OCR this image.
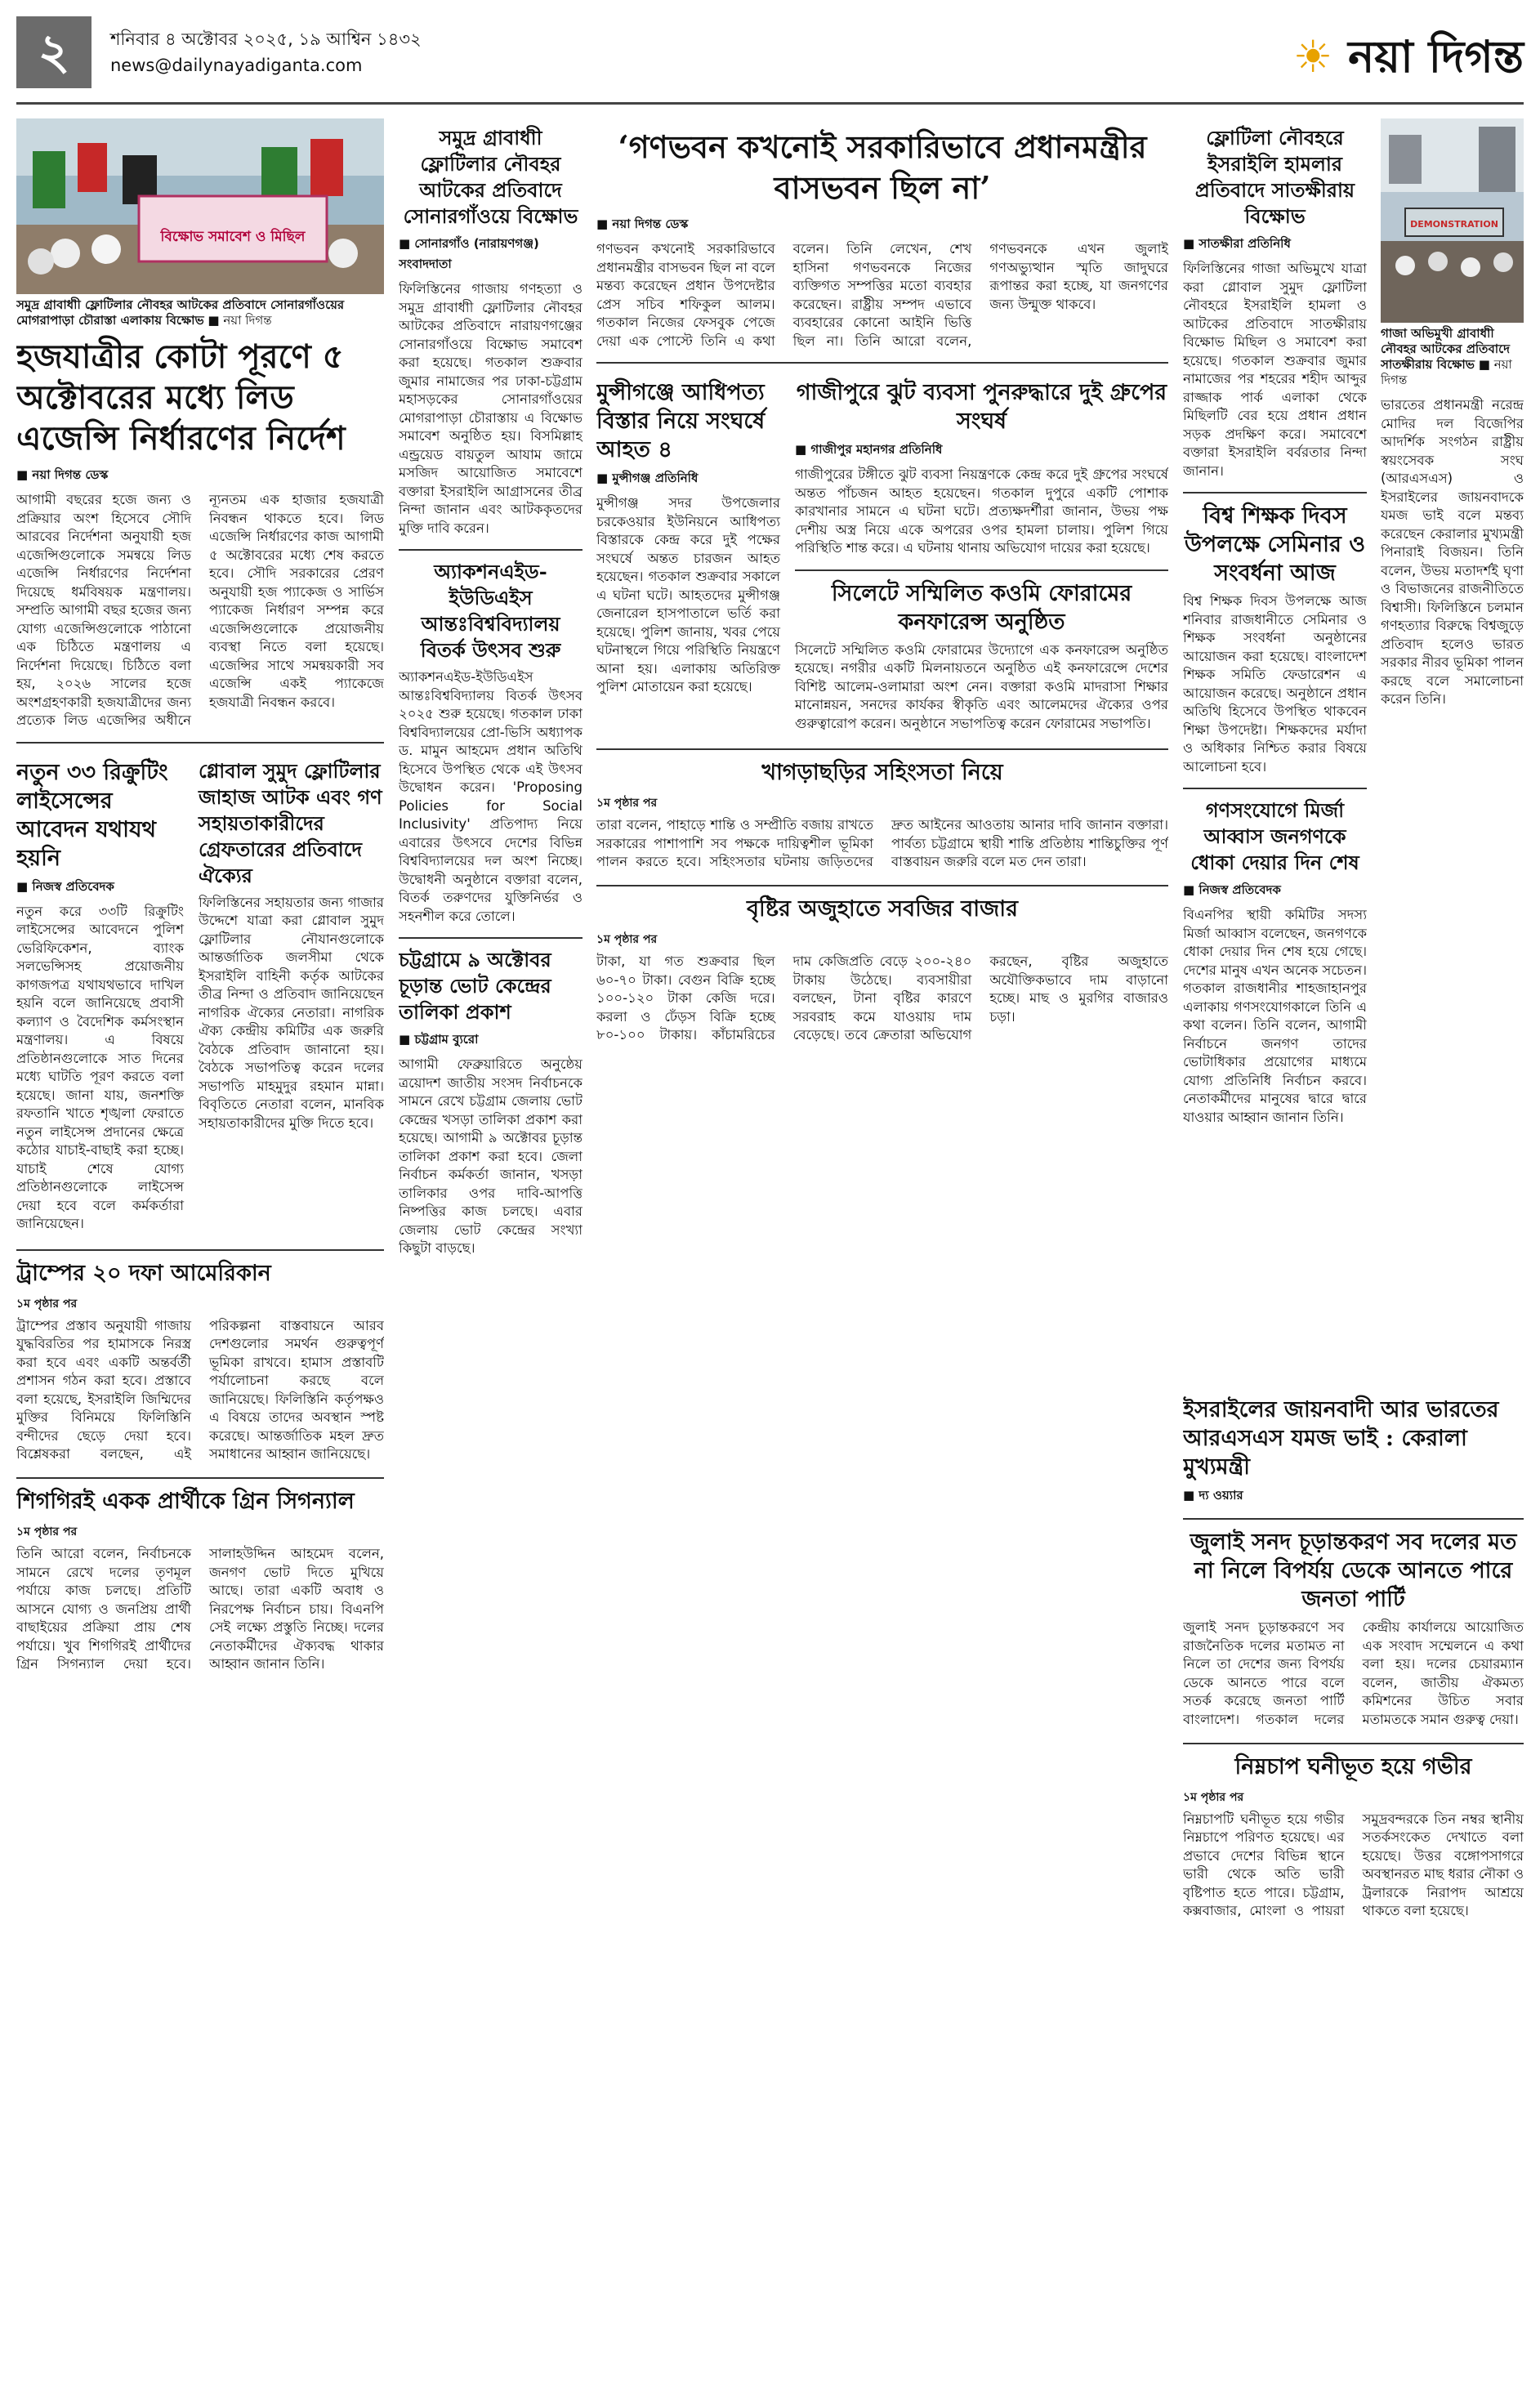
২	শনিবার ৪ অক্টোবর ২০২৫, ১৯ আশ্বিন ১৪৩২
news@dailynayadiganta.com	☀ নয়া দিগন্ত
বিক্ষোভ সমাবেশ ও মিছিল
সমুদ্র গ্রাবাধাী ফ্লোটিলার নৌবহর আটকের প্রতিবাদে সোনারগাঁওয়ের মোগরাপাড়া চৌরাস্তা এলাকায় বিক্ষোভ ■ নয়া দিগন্ত
হজযাত্রীর কোটা পূরণে ৫ অক্টোবরের মধ্যে লিড এজেন্সি নির্ধারণের নির্দেশ
■ নয়া দিগন্ত ডেস্ক

আগামী বছরের হজে জন্য ও প্রক্রিয়ার অংশ হিসেবে সৌদি আরবের নির্দেশনা অনুযায়ী হজ এজেন্সিগুলোকে সমন্বয়ে লিড এজেন্সি নির্ধারণের নির্দেশনা দিয়েছে ধর্মবিষয়ক মন্ত্রণালয়। সম্প্রতি আগামী বছর হজের জন্য যোগ্য এজেন্সিগুলোকে পাঠানো এক চিঠিতে মন্ত্রণালয় এ নির্দেশনা দিয়েছে। চিঠিতে বলা হয়, ২০২৬ সালের হজে অংশগ্রহণকারী হজযাত্রীদের জন্য প্রত্যেক লিড এজেন্সির অধীনে ন্যূনতম এক হাজার হজযাত্রী নিবন্ধন থাকতে হবে। লিড এজেন্সি নির্ধারণের কাজ আগামী ৫ অক্টোবরের মধ্যে শেষ করতে হবে। সৌদি সরকারের প্রেরণ অনুযায়ী হজ প্যাকেজ ও সার্ভিস প্যাকেজ নির্ধারণ সম্পন্ন করে এজেন্সিগুলোকে প্রয়োজনীয় ব্যবস্থা নিতে বলা হয়েছে। এজেন্সির সাথে সমন্বয়কারী সব এজেন্সি একই প্যাকেজে হজযাত্রী নিবন্ধন করবে।

নতুন ৩৩ রিক্রুটিং লাইসেন্সের আবেদন যথাযথ হয়নি
■ নিজস্ব প্রতিবেদক

নতুন করে ৩৩টি রিক্রুটিং লাইসেন্সের আবেদনে পুলিশ ভেরিফিকেশন, ব্যাংক সলভেন্সিসহ প্রয়োজনীয় কাগজপত্র যথাযথভাবে দাখিল হয়নি বলে জানিয়েছে প্রবাসী কল্যাণ ও বৈদেশিক কর্মসংস্থান মন্ত্রণালয়। এ বিষয়ে প্রতিষ্ঠানগুলোকে সাত দিনের মধ্যে ঘাটতি পূরণ করতে বলা হয়েছে। জানা যায়, জনশক্তি রফতানি খাতে শৃঙ্খলা ফেরাতে নতুন লাইসেন্স প্রদানের ক্ষেত্রে কঠোর যাচাই-বাছাই করা হচ্ছে। যাচাই শেষে যোগ্য প্রতিষ্ঠানগুলোকে লাইসেন্স দেয়া হবে বলে কর্মকর্তারা জানিয়েছেন।

গ্লোবাল সুমুদ ফ্লোটিলার জাহাজ আটক এবং গণ সহায়তাকারীদের গ্রেফতারের প্রতিবাদে ঐক্যের

ফিলিস্তিনের সহায়তার জন্য গাজার উদ্দেশে যাত্রা করা গ্লোবাল সুমুদ ফ্লোটিলার নৌযানগুলোকে আন্তর্জাতিক জলসীমা থেকে ইসরাইলি বাহিনী কর্তৃক আটকের তীব্র নিন্দা ও প্রতিবাদ জানিয়েছেন নাগরিক ঐক্যের নেতারা। নাগরিক ঐক্য কেন্দ্রীয় কমিটির এক জরুরি বৈঠকে প্রতিবাদ জানানো হয়। বৈঠকে সভাপতিত্ব করেন দলের সভাপতি মাহমুদুর রহমান মান্না। বিবৃতিতে নেতারা বলেন, মানবিক সহায়তাকারীদের মুক্তি দিতে হবে।

ট্রাম্পের ২০ দফা আমেরিকান
১ম পৃষ্ঠার পর

ট্রাম্পের প্রস্তাব অনুযায়ী গাজায় যুদ্ধবিরতির পর হামাসকে নিরস্ত্র করা হবে এবং একটি অন্তর্বর্তী প্রশাসন গঠন করা হবে। প্রস্তাবে বলা হয়েছে, ইসরাইলি জিম্মিদের মুক্তির বিনিময়ে ফিলিস্তিনি বন্দীদের ছেড়ে দেয়া হবে। বিশ্লেষকরা বলছেন, এই পরিকল্পনা বাস্তবায়নে আরব দেশগুলোর সমর্থন গুরুত্বপূর্ণ ভূমিকা রাখবে। হামাস প্রস্তাবটি পর্যালোচনা করছে বলে জানিয়েছে। ফিলিস্তিনি কর্তৃপক্ষও এ বিষয়ে তাদের অবস্থান স্পষ্ট করেছে। আন্তর্জাতিক মহল দ্রুত সমাধানের আহ্বান জানিয়েছে।

শিগগিরই একক প্রার্থীকে গ্রিন সিগন্যাল
১ম পৃষ্ঠার পর

তিনি আরো বলেন, নির্বাচনকে সামনে রেখে দলের তৃণমূল পর্যায়ে কাজ চলছে। প্রতিটি আসনে যোগ্য ও জনপ্রিয় প্রার্থী বাছাইয়ের প্রক্রিয়া প্রায় শেষ পর্যায়ে। খুব শিগগিরই প্রার্থীদের গ্রিন সিগন্যাল দেয়া হবে। সালাহউদ্দিন আহমেদ বলেন, জনগণ ভোট দিতে মুখিয়ে আছে। তারা একটি অবাধ ও নিরপেক্ষ নির্বাচন চায়। বিএনপি সেই লক্ষ্যে প্রস্তুতি নিচ্ছে। দলের নেতাকর্মীদের ঐক্যবদ্ধ থাকার আহ্বান জানান তিনি।

সমুদ্র গ্রাবাধাী ফ্লোটিলার নৌবহর আটকের প্রতিবাদে সোনারগাঁওয়ে বিক্ষোভ
■ সোনারগাঁও (নারায়ণগঞ্জ) সংবাদদাতা

ফিলিস্তিনের গাজায় গণহত্যা ও সমুদ্র গ্রাবাধাী ফ্লোটিলার নৌবহর আটকের প্রতিবাদে নারায়ণগঞ্জের সোনারগাঁওয়ে বিক্ষোভ সমাবেশ করা হয়েছে। গতকাল শুক্রবার জুমার নামাজের পর ঢাকা-চট্টগ্রাম মহাসড়কের সোনারগাঁওয়ের মোগরাপাড়া চৌরাস্তায় এ বিক্ষোভ সমাবেশ অনুষ্ঠিত হয়। বিসমিল্লাহ এন্ড্রয়েড বায়তুল আযাম জামে মসজিদ আয়োজিত সমাবেশে বক্তারা ইসরাইলি আগ্রাসনের তীব্র নিন্দা জানান এবং আটককৃতদের মুক্তি দাবি করেন।

অ্যাকশনএইড-ইউডিএইস আন্তঃবিশ্ববিদ্যালয় বিতর্ক উৎসব শুরু

অ্যাকশনএইড-ইউডিএইস আন্তঃবিশ্ববিদ্যালয় বিতর্ক উৎসব ২০২৫ শুরু হয়েছে। গতকাল ঢাকা বিশ্ববিদ্যালয়ের প্রো-ভিসি অধ্যাপক ড. মামুন আহমেদ প্রধান অতিথি হিসেবে উপস্থিত থেকে এই উৎসব উদ্বোধন করেন। 'Proposing Policies for Social Inclusivity' প্রতিপাদ্য নিয়ে এবারের উৎসবে দেশের বিভিন্ন বিশ্ববিদ্যালয়ের দল অংশ নিচ্ছে। উদ্বোধনী অনুষ্ঠানে বক্তারা বলেন, বিতর্ক তরুণদের যুক্তিনির্ভর ও সহনশীল করে তোলে।

চট্টগ্রামে ৯ অক্টোবর চূড়ান্ত ভোট কেন্দ্রের তালিকা প্রকাশ
■ চট্টগ্রাম ব্যুরো

আগামী ফেব্রুয়ারিতে অনুষ্ঠেয় ত্রয়োদশ জাতীয় সংসদ নির্বাচনকে সামনে রেখে চট্টগ্রাম জেলায় ভোট কেন্দ্রের খসড়া তালিকা প্রকাশ করা হয়েছে। আগামী ৯ অক্টোবর চূড়ান্ত তালিকা প্রকাশ করা হবে। জেলা নির্বাচন কর্মকর্তা জানান, খসড়া তালিকার ওপর দাবি-আপত্তি নিষ্পত্তির কাজ চলছে। এবার জেলায় ভোট কেন্দ্রের সংখ্যা কিছুটা বাড়ছে।

‘গণভবন কখনোই সরকারিভাবে প্রধানমন্ত্রীর বাসভবন ছিল না’
■ নয়া দিগন্ত ডেস্ক

গণভবন কখনোই সরকারিভাবে প্রধানমন্ত্রীর বাসভবন ছিল না বলে মন্তব্য করেছেন প্রধান উপদেষ্টার প্রেস সচিব শফিকুল আলম। গতকাল নিজের ফেসবুক পেজে দেয়া এক পোস্টে তিনি এ কথা বলেন। তিনি লেখেন, শেখ হাসিনা গণভবনকে নিজের ব্যক্তিগত সম্পত্তির মতো ব্যবহার করেছেন। রাষ্ট্রীয় সম্পদ এভাবে ব্যবহারের কোনো আইনি ভিত্তি ছিল না। তিনি আরো বলেন, গণভবনকে এখন জুলাই গণঅভ্যুত্থান স্মৃতি জাদুঘরে রূপান্তর করা হচ্ছে, যা জনগণের জন্য উন্মুক্ত থাকবে।

মুন্সীগঞ্জে আধিপত্য বিস্তার নিয়ে সংঘর্ষে আহত ৪
■ মুন্সীগঞ্জ প্রতিনিধি

মুন্সীগঞ্জ সদর উপজেলার চরকেওয়ার ইউনিয়নে আধিপত্য বিস্তারকে কেন্দ্র করে দুই পক্ষের সংঘর্ষে অন্তত চারজন আহত হয়েছেন। গতকাল শুক্রবার সকালে এ ঘটনা ঘটে। আহতদের মুন্সীগঞ্জ জেনারেল হাসপাতালে ভর্তি করা হয়েছে। পুলিশ জানায়, খবর পেয়ে ঘটনাস্থলে গিয়ে পরিস্থিতি নিয়ন্ত্রণে আনা হয়। এলাকায় অতিরিক্ত পুলিশ মোতায়েন করা হয়েছে।

গাজীপুরে ঝুট ব্যবসা পুনরুদ্ধারে দুই গ্রুপের সংঘর্ষ
■ গাজীপুর মহানগর প্রতিনিধি

গাজীপুরের টঙ্গীতে ঝুট ব্যবসা নিয়ন্ত্রণকে কেন্দ্র করে দুই গ্রুপের সংঘর্ষে অন্তত পাঁচজন আহত হয়েছেন। গতকাল দুপুরে একটি পোশাক কারখানার সামনে এ ঘটনা ঘটে। প্রত্যক্ষদর্শীরা জানান, উভয় পক্ষ দেশীয় অস্ত্র নিয়ে একে অপরের ওপর হামলা চালায়। পুলিশ গিয়ে পরিস্থিতি শান্ত করে। এ ঘটনায় থানায় অভিযোগ দায়ের করা হয়েছে।

সিলেটে সম্মিলিত কওমি ফোরামের কনফারেন্স অনুষ্ঠিত

সিলেটে সম্মিলিত কওমি ফোরামের উদ্যোগে এক কনফারেন্স অনুষ্ঠিত হয়েছে। নগরীর একটি মিলনায়তনে অনুষ্ঠিত এই কনফারেন্সে দেশের বিশিষ্ট আলেম-ওলামারা অংশ নেন। বক্তারা কওমি মাদরাসা শিক্ষার মানোন্নয়ন, সনদের কার্যকর স্বীকৃতি এবং আলেমদের ঐক্যের ওপর গুরুত্বারোপ করেন। অনুষ্ঠানে সভাপতিত্ব করেন ফোরামের সভাপতি।

খাগড়াছড়ির সহিংসতা নিয়ে
১ম পৃষ্ঠার পর

তারা বলেন, পাহাড়ে শান্তি ও সম্প্রীতি বজায় রাখতে সরকারের পাশাপাশি সব পক্ষকে দায়িত্বশীল ভূমিকা পালন করতে হবে। সহিংসতার ঘটনায় জড়িতদের দ্রুত আইনের আওতায় আনার দাবি জানান বক্তারা। পার্বত্য চট্টগ্রামে স্থায়ী শান্তি প্রতিষ্ঠায় শান্তিচুক্তির পূর্ণ বাস্তবায়ন জরুরি বলে মত দেন তারা।

বৃষ্টির অজুহাতে সবজির বাজার
১ম পৃষ্ঠার পর

টাকা, যা গত শুক্রবার ছিল ৬০-৭০ টাকা। বেগুন বিক্রি হচ্ছে ১০০-১২০ টাকা কেজি দরে। করলা ও ঢেঁড়স বিক্রি হচ্ছে ৮০-১০০ টাকায়। কাঁচামরিচের দাম কেজিপ্রতি বেড়ে ২০০-২৪০ টাকায় উঠেছে। ব্যবসায়ীরা বলছেন, টানা বৃষ্টির কারণে সরবরাহ কমে যাওয়ায় দাম বেড়েছে। তবে ক্রেতারা অভিযোগ করছেন, বৃষ্টির অজুহাতে অযৌক্তিকভাবে দাম বাড়ানো হচ্ছে। মাছ ও মুরগির বাজারও চড়া।

ফ্লোটিলা নৌবহরে ইসরাইলি হামলার প্রতিবাদে সাতক্ষীরায় বিক্ষোভ
■ সাতক্ষীরা প্রতিনিধি

ফিলিস্তিনের গাজা অভিমুখে যাত্রা করা গ্লোবাল সুমুদ ফ্লোটিলা নৌবহরে ইসরাইলি হামলা ও আটকের প্রতিবাদে সাতক্ষীরায় বিক্ষোভ মিছিল ও সমাবেশ করা হয়েছে। গতকাল শুক্রবার জুমার নামাজের পর শহরের শহীদ আব্দুর রাজ্জাক পার্ক এলাকা থেকে মিছিলটি বের হয়ে প্রধান প্রধান সড়ক প্রদক্ষিণ করে। সমাবেশে বক্তারা ইসরাইলি বর্বরতার নিন্দা জানান।

বিশ্ব শিক্ষক দিবস উপলক্ষে সেমিনার ও সংবর্ধনা আজ

বিশ্ব শিক্ষক দিবস উপলক্ষে আজ শনিবার রাজধানীতে সেমিনার ও শিক্ষক সংবর্ধনা অনুষ্ঠানের আয়োজন করা হয়েছে। বাংলাদেশ শিক্ষক সমিতি ফেডারেশন এ আয়োজন করেছে। অনুষ্ঠানে প্রধান অতিথি হিসেবে উপস্থিত থাকবেন শিক্ষা উপদেষ্টা। শিক্ষকদের মর্যাদা ও অধিকার নিশ্চিত করার বিষয়ে আলোচনা হবে।

গণসংযোগে মির্জা আব্বাস জনগণকে ধোকা দেয়ার দিন শেষ
■ নিজস্ব প্রতিবেদক

বিএনপির স্থায়ী কমিটির সদস্য মির্জা আব্বাস বলেছেন, জনগণকে ধোকা দেয়ার দিন শেষ হয়ে গেছে। দেশের মানুষ এখন অনেক সচেতন। গতকাল রাজধানীর শাহজাহানপুর এলাকায় গণসংযোগকালে তিনি এ কথা বলেন। তিনি বলেন, আগামী নির্বাচনে জনগণ তাদের ভোটাধিকার প্রয়োগের মাধ্যমে যোগ্য প্রতিনিধি নির্বাচন করবে। নেতাকর্মীদের মানুষের দ্বারে দ্বারে যাওয়ার আহ্বান জানান তিনি।

DEMONSTRATION
গাজা অভিমুখী গ্রাবাধাী নৌবহর আটকের প্রতিবাদে সাতক্ষীরায় বিক্ষোভ ■ নয়া দিগন্ত

ভারতের প্রধানমন্ত্রী নরেন্দ্র মোদির দল বিজেপির আদর্শিক সংগঠন রাষ্ট্রীয় স্বয়ংসেবক সংঘ (আরএসএস) ও ইসরাইলের জায়নবাদকে যমজ ভাই বলে মন্তব্য করেছেন কেরালার মুখ্যমন্ত্রী পিনারাই বিজয়ন। তিনি বলেন, উভয় মতাদর্শই ঘৃণা ও বিভাজনের রাজনীতিতে বিশ্বাসী। ফিলিস্তিনে চলমান গণহত্যার বিরুদ্ধে বিশ্বজুড়ে প্রতিবাদ হলেও ভারত সরকার নীরব ভূমিকা পালন করছে বলে সমালোচনা করেন তিনি।

ইসরাইলের জায়নবাদী আর ভারতের আরএসএস যমজ ভাই : কেরালা মুখ্যমন্ত্রী
■ দ্য ওয়্যার
জুলাই সনদ চূড়ান্তকরণ সব দলের মত না নিলে বিপর্যয় ডেকে আনতে পারে জনতা পার্টি

জুলাই সনদ চূড়ান্তকরণে সব রাজনৈতিক দলের মতামত না নিলে তা দেশের জন্য বিপর্যয় ডেকে আনতে পারে বলে সতর্ক করেছে জনতা পার্টি বাংলাদেশ। গতকাল দলের কেন্দ্রীয় কার্যালয়ে আয়োজিত এক সংবাদ সম্মেলনে এ কথা বলা হয়। দলের চেয়ারম্যান বলেন, জাতীয় ঐকমত্য কমিশনের উচিত সবার মতামতকে সমান গুরুত্ব দেয়া।

নিম্নচাপ ঘনীভূত হয়ে গভীর
১ম পৃষ্ঠার পর

নিম্নচাপটি ঘনীভূত হয়ে গভীর নিম্নচাপে পরিণত হয়েছে। এর প্রভাবে দেশের বিভিন্ন স্থানে ভারী থেকে অতি ভারী বৃষ্টিপাত হতে পারে। চট্টগ্রাম, কক্সবাজার, মোংলা ও পায়রা সমুদ্রবন্দরকে তিন নম্বর স্থানীয় সতর্কসংকেত দেখাতে বলা হয়েছে। উত্তর বঙ্গোপসাগরে অবস্থানরত মাছ ধরার নৌকা ও ট্রলারকে নিরাপদ আশ্রয়ে থাকতে বলা হয়েছে।
